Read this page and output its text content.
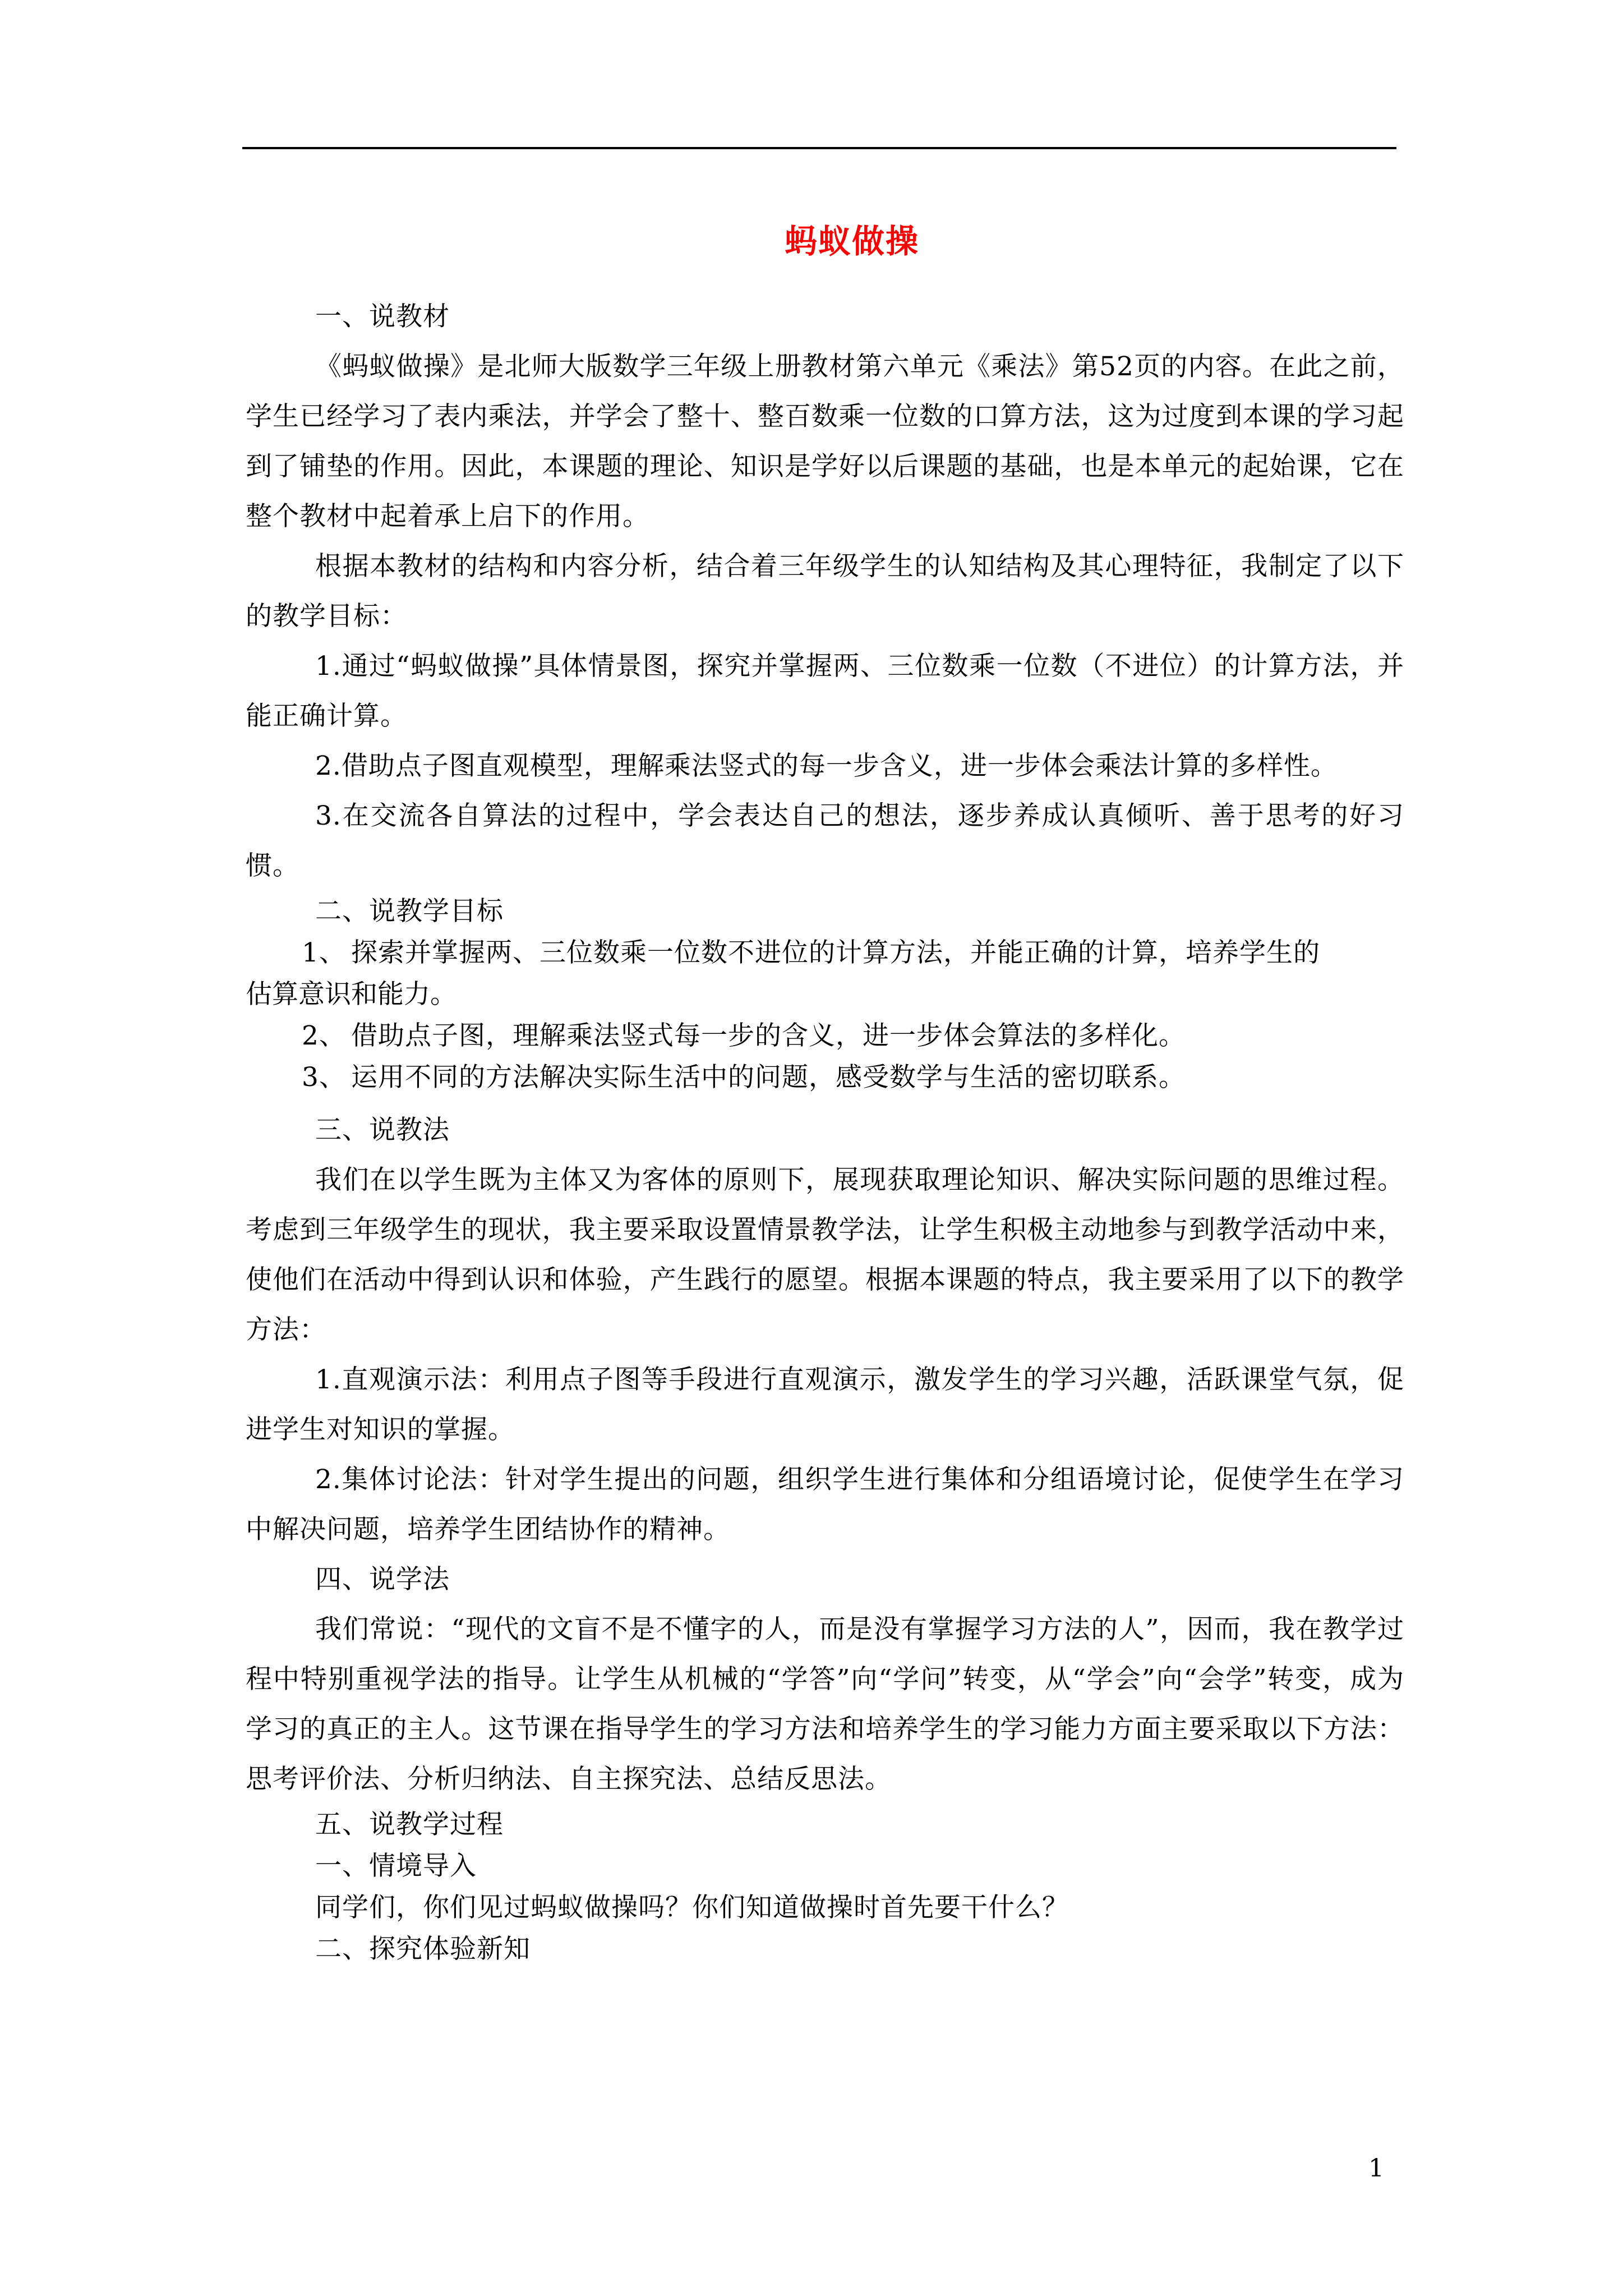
蚂蚁做操

一、说教材

《蚂蚁做操》是北师大版数学三年级上册教材第六单元《乘法》第52页的内容。在此之前，学生已经学习了表内乘法，并学会了整十、整百数乘一位数的口算方法，这为过度到本课的学习起到了铺垫的作用。因此，本课题的理论、知识是学好以后课题的基础，也是本单元的起始课，它在整个教材中起着承上启下的作用。

根据本教材的结构和内容分析，结合着三年级学生的认知结构及其心理特征，我制定了以下的教学目标：

1.通过“蚂蚁做操”具体情景图，探究并掌握两、三位数乘一位数（不进位）的计算方法，并能正确计算。

2.借助点子图直观模型，理解乘法竖式的每一步含义，进一步体会乘法计算的多样性。

3.在交流各自算法的过程中，学会表达自己的想法，逐步养成认真倾听、善于思考的好习惯。

二、说教学目标

1、 探索并掌握两、三位数乘一位数不进位的计算方法，并能正确的计算，培养学生的

估算意识和能力。

2、 借助点子图，理解乘法竖式每一步的含义，进一步体会算法的多样化。

3、 运用不同的方法解决实际生活中的问题，感受数学与生活的密切联系。

三、说教法

我们在以学生既为主体又为客体的原则下，展现获取理论知识、解决实际问题的思维过程。考虑到三年级学生的现状，我主要采取设置情景教学法，让学生积极主动地参与到教学活动中来，使他们在活动中得到认识和体验，产生践行的愿望。根据本课题的特点，我主要采用了以下的教学方法：

1.直观演示法：利用点子图等手段进行直观演示，激发学生的学习兴趣，活跃课堂气氛，促进学生对知识的掌握。

2.集体讨论法：针对学生提出的问题，组织学生进行集体和分组语境讨论，促使学生在学习中解决问题，培养学生团结协作的精神。

四、说学法

我们常说：“现代的文盲不是不懂字的人，而是没有掌握学习方法的人”，因而，我在教学过程中特别重视学法的指导。让学生从机械的“学答”向“学问”转变，从“学会”向“会学”转变，成为学习的真正的主人。这节课在指导学生的学习方法和培养学生的学习能力方面主要采取以下方法：思考评价法、分析归纳法、自主探究法、总结反思法。

五、说教学过程

一、情境导入

同学们，你们见过蚂蚁做操吗？你们知道做操时首先要干什么？

二、探究体验新知

1
